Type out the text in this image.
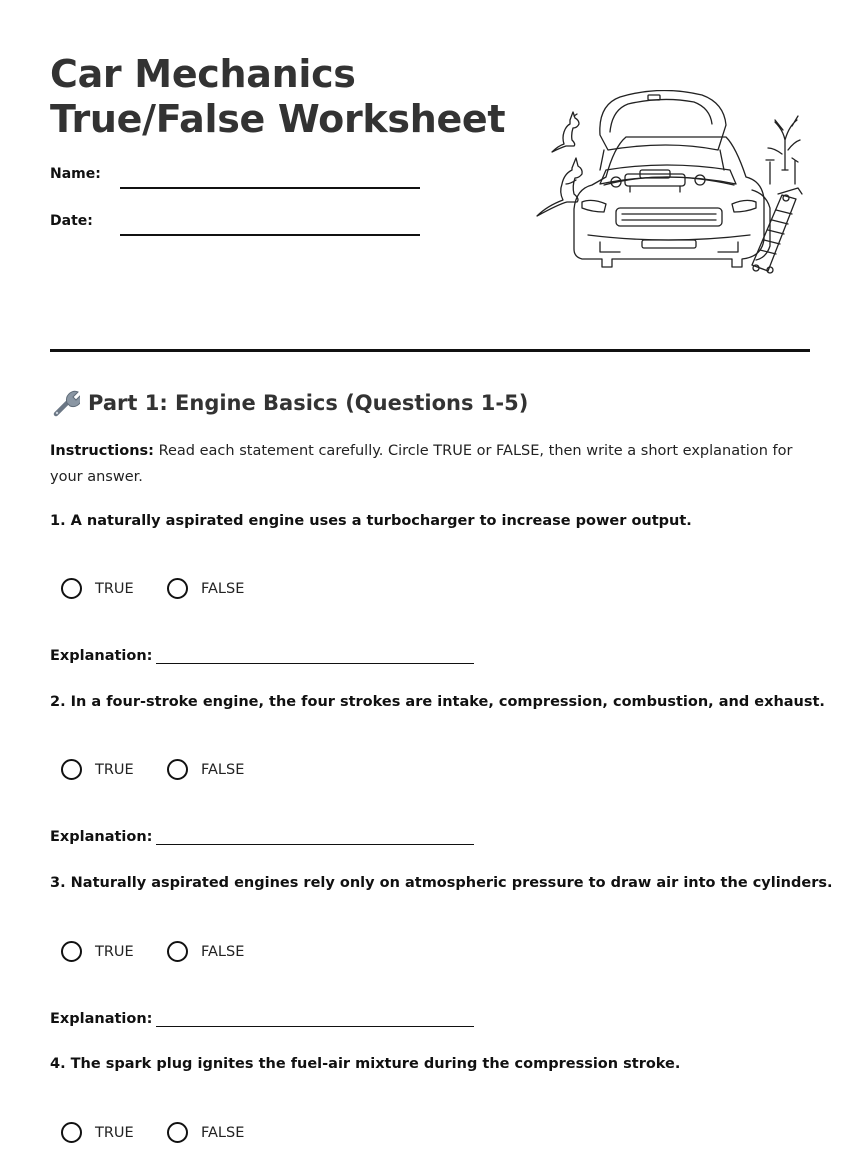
Car Mechanics
True/False Worksheet
Name:
Date:
Part 1: Engine Basics (Questions 1-5)

Instructions: Read each statement carefully. Circle TRUE or FALSE, then write a short explanation for your answer.

1. A naturally aspirated engine uses a turbocharger to increase power output.
TRUE	FALSE
Explanation:
2. In a four-stroke engine, the four strokes are intake, compression, combustion, and exhaust.
TRUE	FALSE
Explanation:
3. Naturally aspirated engines rely only on atmospheric pressure to draw air into the cylinders.
TRUE	FALSE
Explanation:
4. The spark plug ignites the fuel-air mixture during the compression stroke.
TRUE	FALSE
